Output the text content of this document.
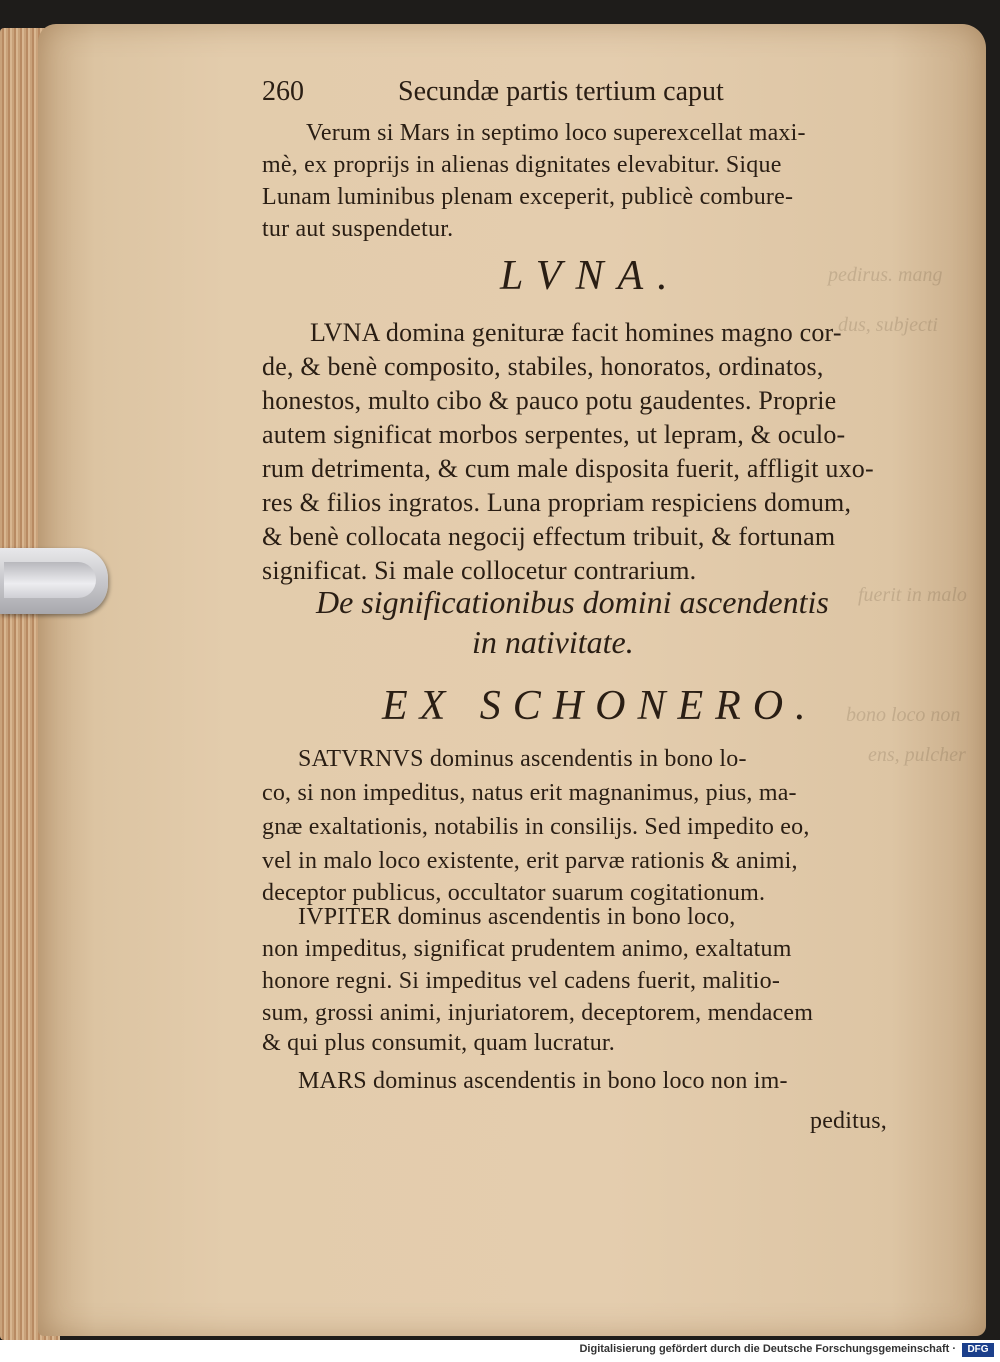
pedirus. mang
dus, subjecti
fuerit in malo
bono loco non
ens, pulcher
260	Secundæ partis tertium caput
Verum si Mars in septimo loco superexcellat maxi-
mè, ex proprijs in alienas dignitates elevabitur. Sique
Lunam luminibus plenam exceperit, publicè combure-
tur aut suspendetur.
LVNA.
LVNA domina genituræ facit homines magno cor-
de, & benè composito, stabiles, honoratos, ordinatos,
honestos, multo cibo & pauco potu gaudentes. Proprie
autem significat morbos serpentes, ut lepram, & oculo-
rum detrimenta, & cum male disposita fuerit, affligit uxo-
res & filios ingratos. Luna propriam respiciens domum,
& benè collocata negocij effectum tribuit, & fortunam
significat. Si male collocetur contrarium.
De significationibus domini ascendentis
in nativitate.
EX SCHONERO.
SATVRNVS dominus ascendentis in bono lo-
co, si non impeditus, natus erit magnanimus, pius, ma-
gnæ exaltationis, notabilis in consilijs. Sed impedito eo,
vel in malo loco existente, erit parvæ rationis & animi,
deceptor publicus, occultator suarum cogitationum.
IVPITER dominus ascendentis in bono loco,
non impeditus, significat prudentem animo, exaltatum
honore regni. Si impeditus vel cadens fuerit, malitio-
sum, grossi animi, injuriatorem, deceptorem, mendacem
& qui plus consumit, quam lucratur.
MARS dominus ascendentis in bono loco non im-
peditus,
Digitalisierung gefördert durch die Deutsche Forschungsgemeinschaft ·	DFG
